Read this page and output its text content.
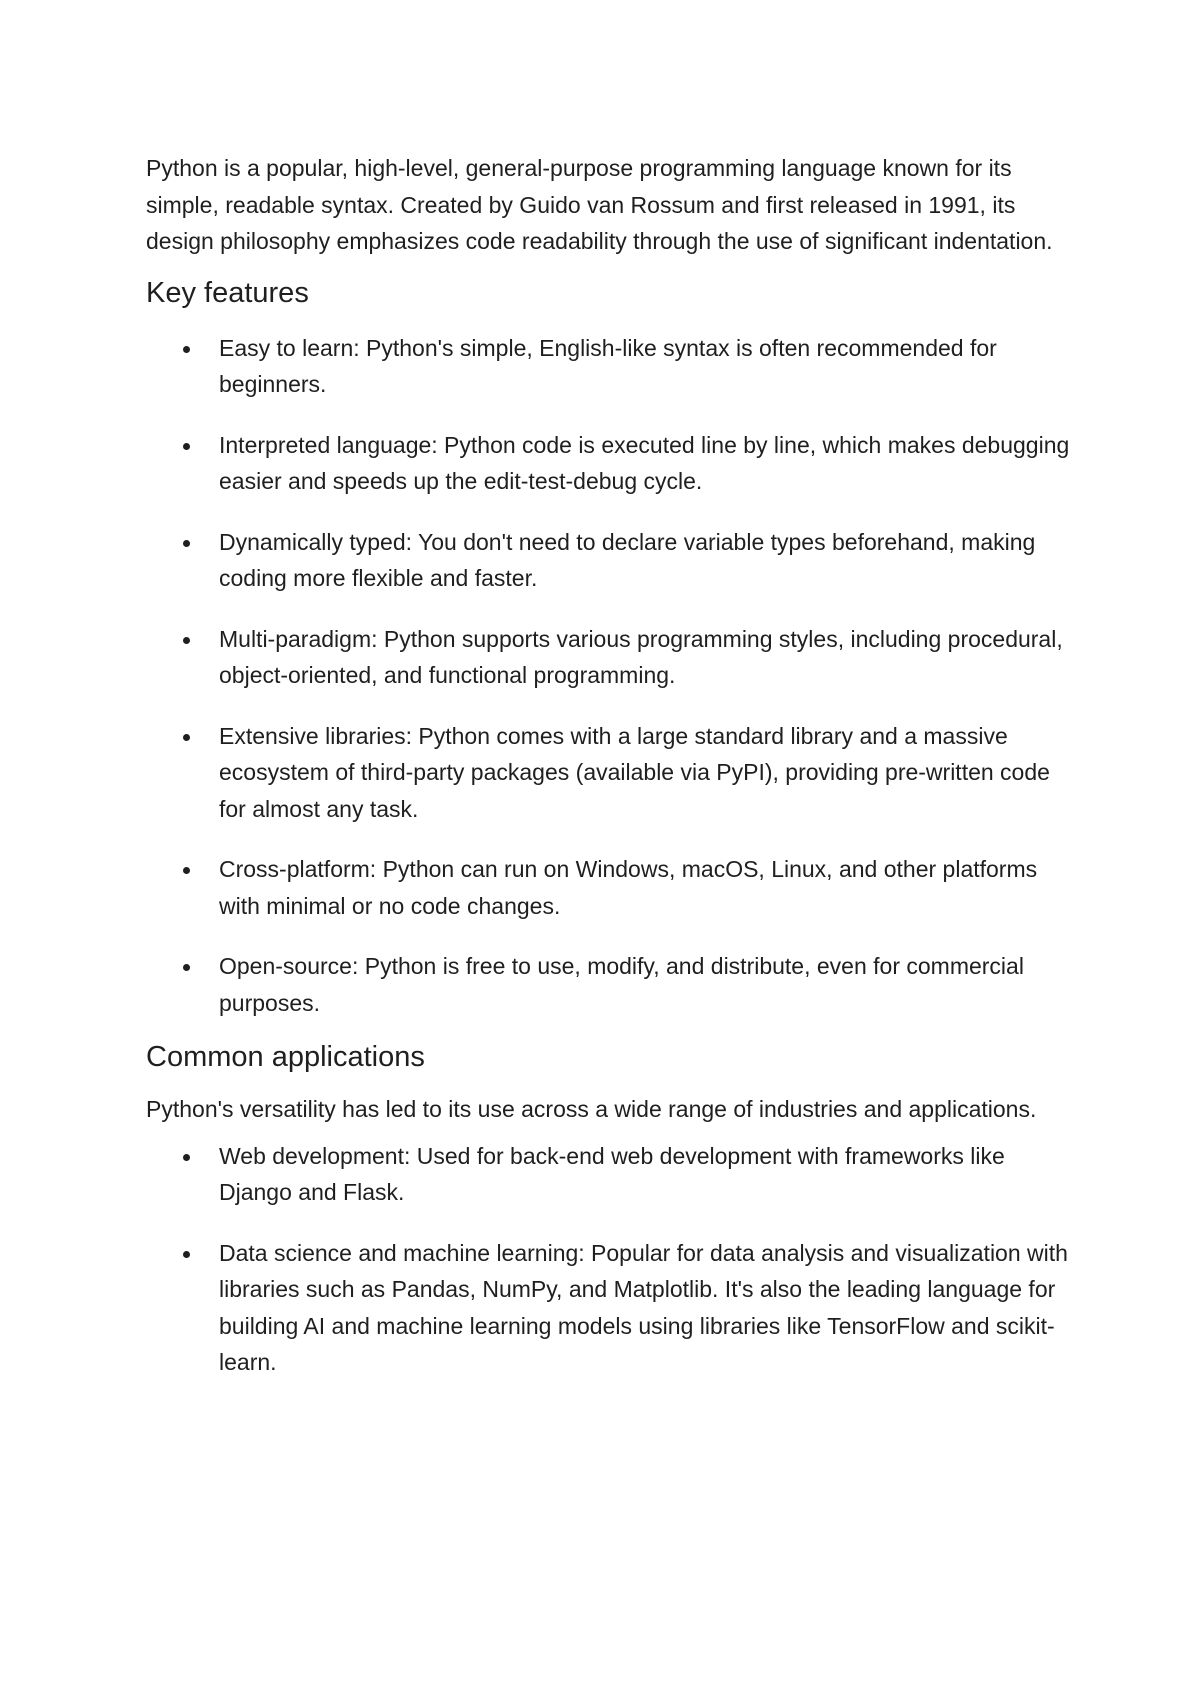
Python is a popular, high-level, general-purpose programming language known for its simple, readable syntax. Created by Guido van Rossum and first released in 1991, its design philosophy emphasizes code readability through the use of significant indentation.

Key features
Easy to learn: Python's simple, English-like syntax is often recommended for beginners.
Interpreted language: Python code is executed line by line, which makes debugging easier and speeds up the edit-test-debug cycle.
Dynamically typed: You don't need to declare variable types beforehand, making coding more flexible and faster.
Multi-paradigm: Python supports various programming styles, including procedural, object-oriented, and functional programming.
Extensive libraries: Python comes with a large standard library and a massive ecosystem of third-party packages (available via PyPI), providing pre-written code for almost any task.
Cross-platform: Python can run on Windows, macOS, Linux, and other platforms with minimal or no code changes.
Open-source: Python is free to use, modify, and distribute, even for commercial purposes.
Common applications

Python's versatility has led to its use across a wide range of industries and applications.

Web development: Used for back-end web development with frameworks like Django and Flask.
Data science and machine learning: Popular for data analysis and visualization with libraries such as Pandas, NumPy, and Matplotlib. It's also the leading language for building AI and machine learning models using libraries like TensorFlow and scikit-learn.
